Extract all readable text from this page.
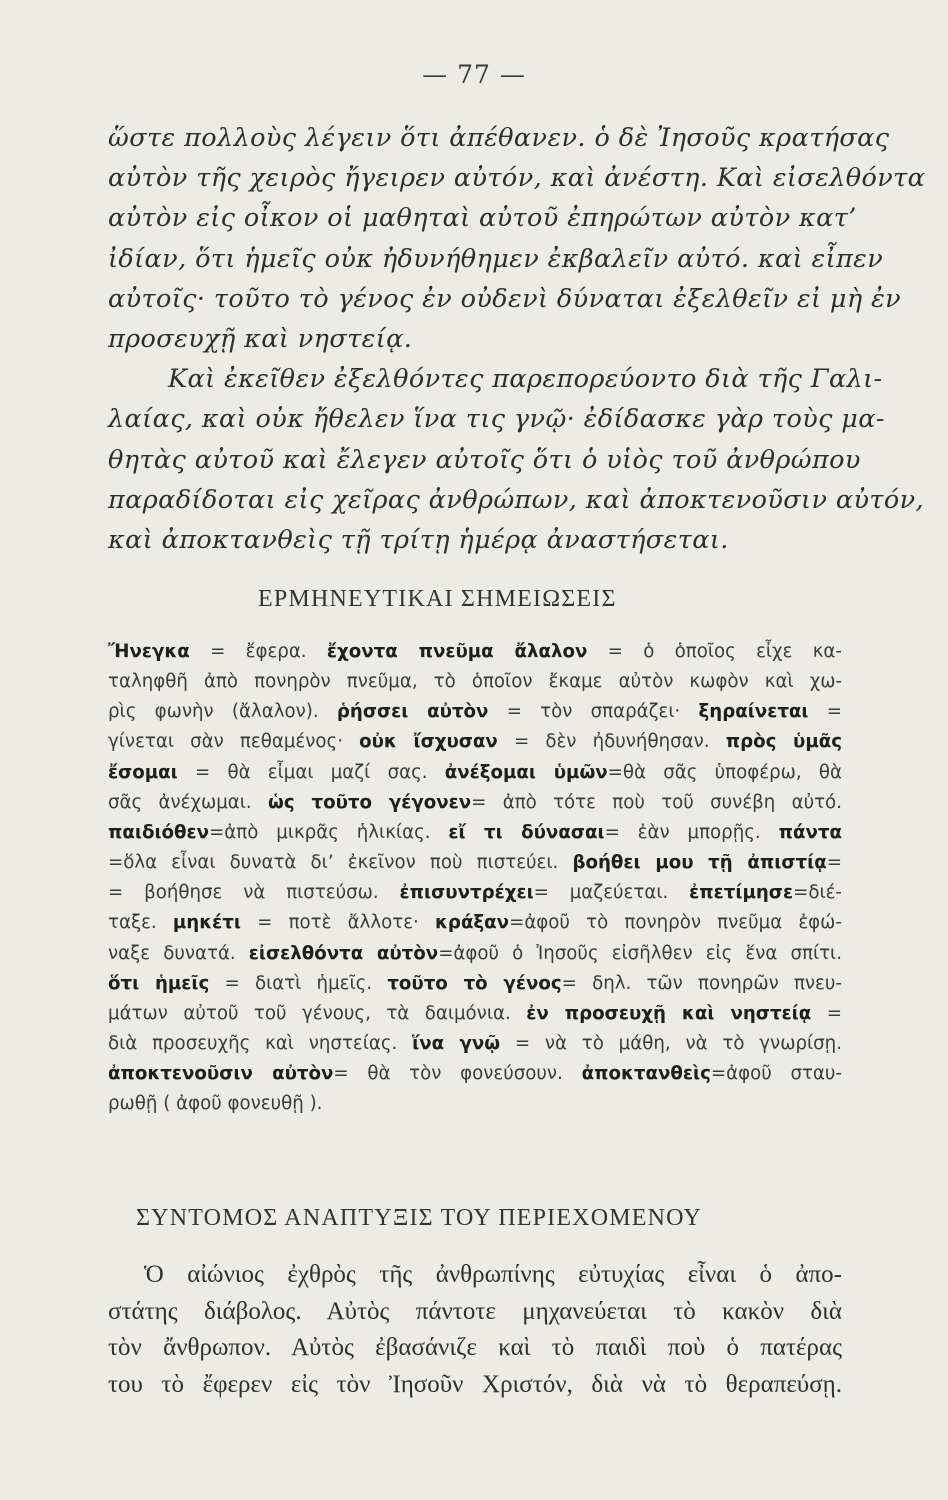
— 77 —
ὥστε πολλοὺς λέγειν ὅτι ἀπέθανεν. ὁ δὲ Ἰησοῦς κρατήσας
αὐτὸν τῆς χειρὸς ἤγειρεν αὐτόν, καὶ ἀνέστη. Καὶ εἰσελθόντα
αὐτὸν εἰς οἶκον οἱ μαθηταὶ αὐτοῦ ἐπηρώτων αὐτὸν κατ’
ἰδίαν, ὅτι ἡμεῖς οὐκ ἠδυνήθημεν ἐκβαλεῖν αὐτό. καὶ εἶπεν
αὐτοῖς· τοῦτο τὸ γένος ἐν οὐδενὶ δύναται ἐξελθεῖν εἰ μὴ ἐν
προσευχῇ καὶ νηστείᾳ.
Καὶ ἐκεῖθεν ἐξελθόντες παρεπορεύοντο διὰ τῆς Γαλι-
λαίας, καὶ οὐκ ἤθελεν ἵνα τις γνῷ· ἐδίδασκε γὰρ τοὺς μα-
θητὰς αὐτοῦ καὶ ἔλεγεν αὐτοῖς ὅτι ὁ υἱὸς τοῦ ἀνθρώπου
παραδίδοται εἰς χεῖρας ἀνθρώπων, καὶ ἀποκτενοῦσιν αὐτόν,
καὶ ἀποκτανθεὶς τῇ τρίτῃ ἡμέρᾳ ἀναστήσεται.
ΕΡΜΗΝΕΥΤΙΚΑΙ ΣΗΜΕΙΩΣΕΙΣ
Ἤνεγκα = ἔφερα. ἔχοντα πνεῦμα ἄλαλον = ὁ ὁποῖος εἶχε κα-
ταληφθῆ ἀπὸ πονηρὸν πνεῦμα, τὸ ὁποῖον ἔκαμε αὐτὸν κωφὸν καὶ χω-
ρὶς φωνὴν (ἄλαλον). ῥήσσει αὐτὸν = τὸν σπαράζει· ξηραίνεται =
γίνεται σὰν πεθαμένος· οὐκ ἴσχυσαν = δὲν ἠδυνήθησαν. πρὸς ὑμᾶς
ἔσομαι = θὰ εἶμαι μαζί σας. ἀνέξομαι ὑμῶν=θὰ σᾶς ὑποφέρω, θὰ
σᾶς ἀνέχωμαι. ὡς τοῦτο γέγονεν= ἀπὸ τότε ποὺ τοῦ συνέβη αὐτό.
παιδιόθεν=ἀπὸ μικρᾶς ἡλικίας. εἴ τι δύνασαι= ἐὰν μπορῇς. πάντα
=ὅλα εἶναι δυνατὰ δι’ ἐκεῖνον ποὺ πιστεύει. βοήθει μου τῇ ἀπιστίᾳ=
= βοήθησε νὰ πιστεύσω. ἐπισυντρέχει= μαζεύεται. ἐπετίμησε=διέ-
ταξε. μηκέτι = ποτὲ ἄλλοτε· κράξαν=ἀφοῦ τὸ πονηρὸν πνεῦμα ἐφώ-
ναξε δυνατά. εἰσελθόντα αὐτὸν=ἀφοῦ ὁ Ἰησοῦς εἰσῆλθεν εἰς ἕνα σπίτι.
ὅτι ἡμεῖς = διατὶ ἡμεῖς. τοῦτο τὸ γένος= δηλ. τῶν πονηρῶν πνευ-
μάτων αὐτοῦ τοῦ γένους, τὰ δαιμόνια. ἐν προσευχῇ καὶ νηστείᾳ =
διὰ προσευχῆς καὶ νηστείας. ἵνα γνῷ = νὰ τὸ μάθη, νὰ τὸ γνωρίσῃ.
ἀποκτενοῦσιν αὐτὸν= θὰ τὸν φονεύσουν. ἀποκτανθεὶς=ἀφοῦ σταυ-
ρωθῇ ( ἀφοῦ φονευθῇ ).
ΣΥΝΤΟΜΟΣ ΑΝΑΠΤΥΞΙΣ ΤΟΥ ΠΕΡΙΕΧΟΜΕΝΟΥ
Ὁ αἰώνιος ἐχθρὸς τῆς ἀνθρωπίνης εὐτυχίας εἶναι ὁ ἀπο-
στάτης διάβολος. Αὐτὸς πάντοτε μηχανεύεται τὸ κακὸν διὰ
τὸν ἄνθρωπον. Αὐτὸς ἐβασάνιζε καὶ τὸ παιδὶ ποὺ ὁ πατέρας
του τὸ ἔφερεν εἰς τὸν Ἰησοῦν Χριστόν, διὰ νὰ τὸ θεραπεύσῃ.
